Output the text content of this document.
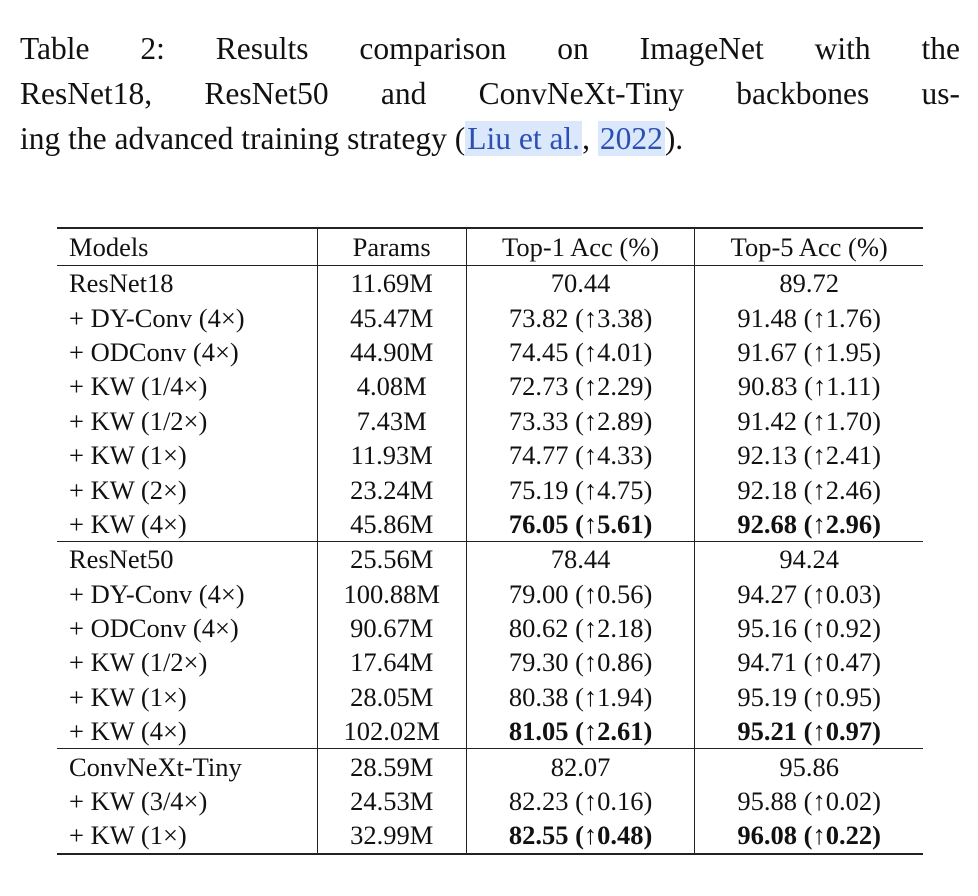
Table 2: Results comparison on ImageNet with the
ResNet18, ResNet50 and ConvNeXt-Tiny backbones us-
ing the advanced training strategy (Liu et al., 2022).
Models	Params	Top-1 Acc (%)	Top-5 Acc (%)
ResNet18	11.69M	70.44	89.72
+ DY-Conv (4×)	45.47M	73.82 (↑3.38)	91.48 (↑1.76)
+ ODConv (4×)	44.90M	74.45 (↑4.01)	91.67 (↑1.95)
+ KW (1/4×)	4.08M	72.73 (↑2.29)	90.83 (↑1.11)
+ KW (1/2×)	7.43M	73.33 (↑2.89)	91.42 (↑1.70)
+ KW (1×)	11.93M	74.77 (↑4.33)	92.13 (↑2.41)
+ KW (2×)	23.24M	75.19 (↑4.75)	92.18 (↑2.46)
+ KW (4×)	45.86M	76.05 (↑5.61)	92.68 (↑2.96)
ResNet50	25.56M	78.44	94.24
+ DY-Conv (4×)	100.88M	79.00 (↑0.56)	94.27 (↑0.03)
+ ODConv (4×)	90.67M	80.62 (↑2.18)	95.16 (↑0.92)
+ KW (1/2×)	17.64M	79.30 (↑0.86)	94.71 (↑0.47)
+ KW (1×)	28.05M	80.38 (↑1.94)	95.19 (↑0.95)
+ KW (4×)	102.02M	81.05 (↑2.61)	95.21 (↑0.97)
ConvNeXt-Tiny	28.59M	82.07	95.86
+ KW (3/4×)	24.53M	82.23 (↑0.16)	95.88 (↑0.02)
+ KW (1×)	32.99M	82.55 (↑0.48)	96.08 (↑0.22)
